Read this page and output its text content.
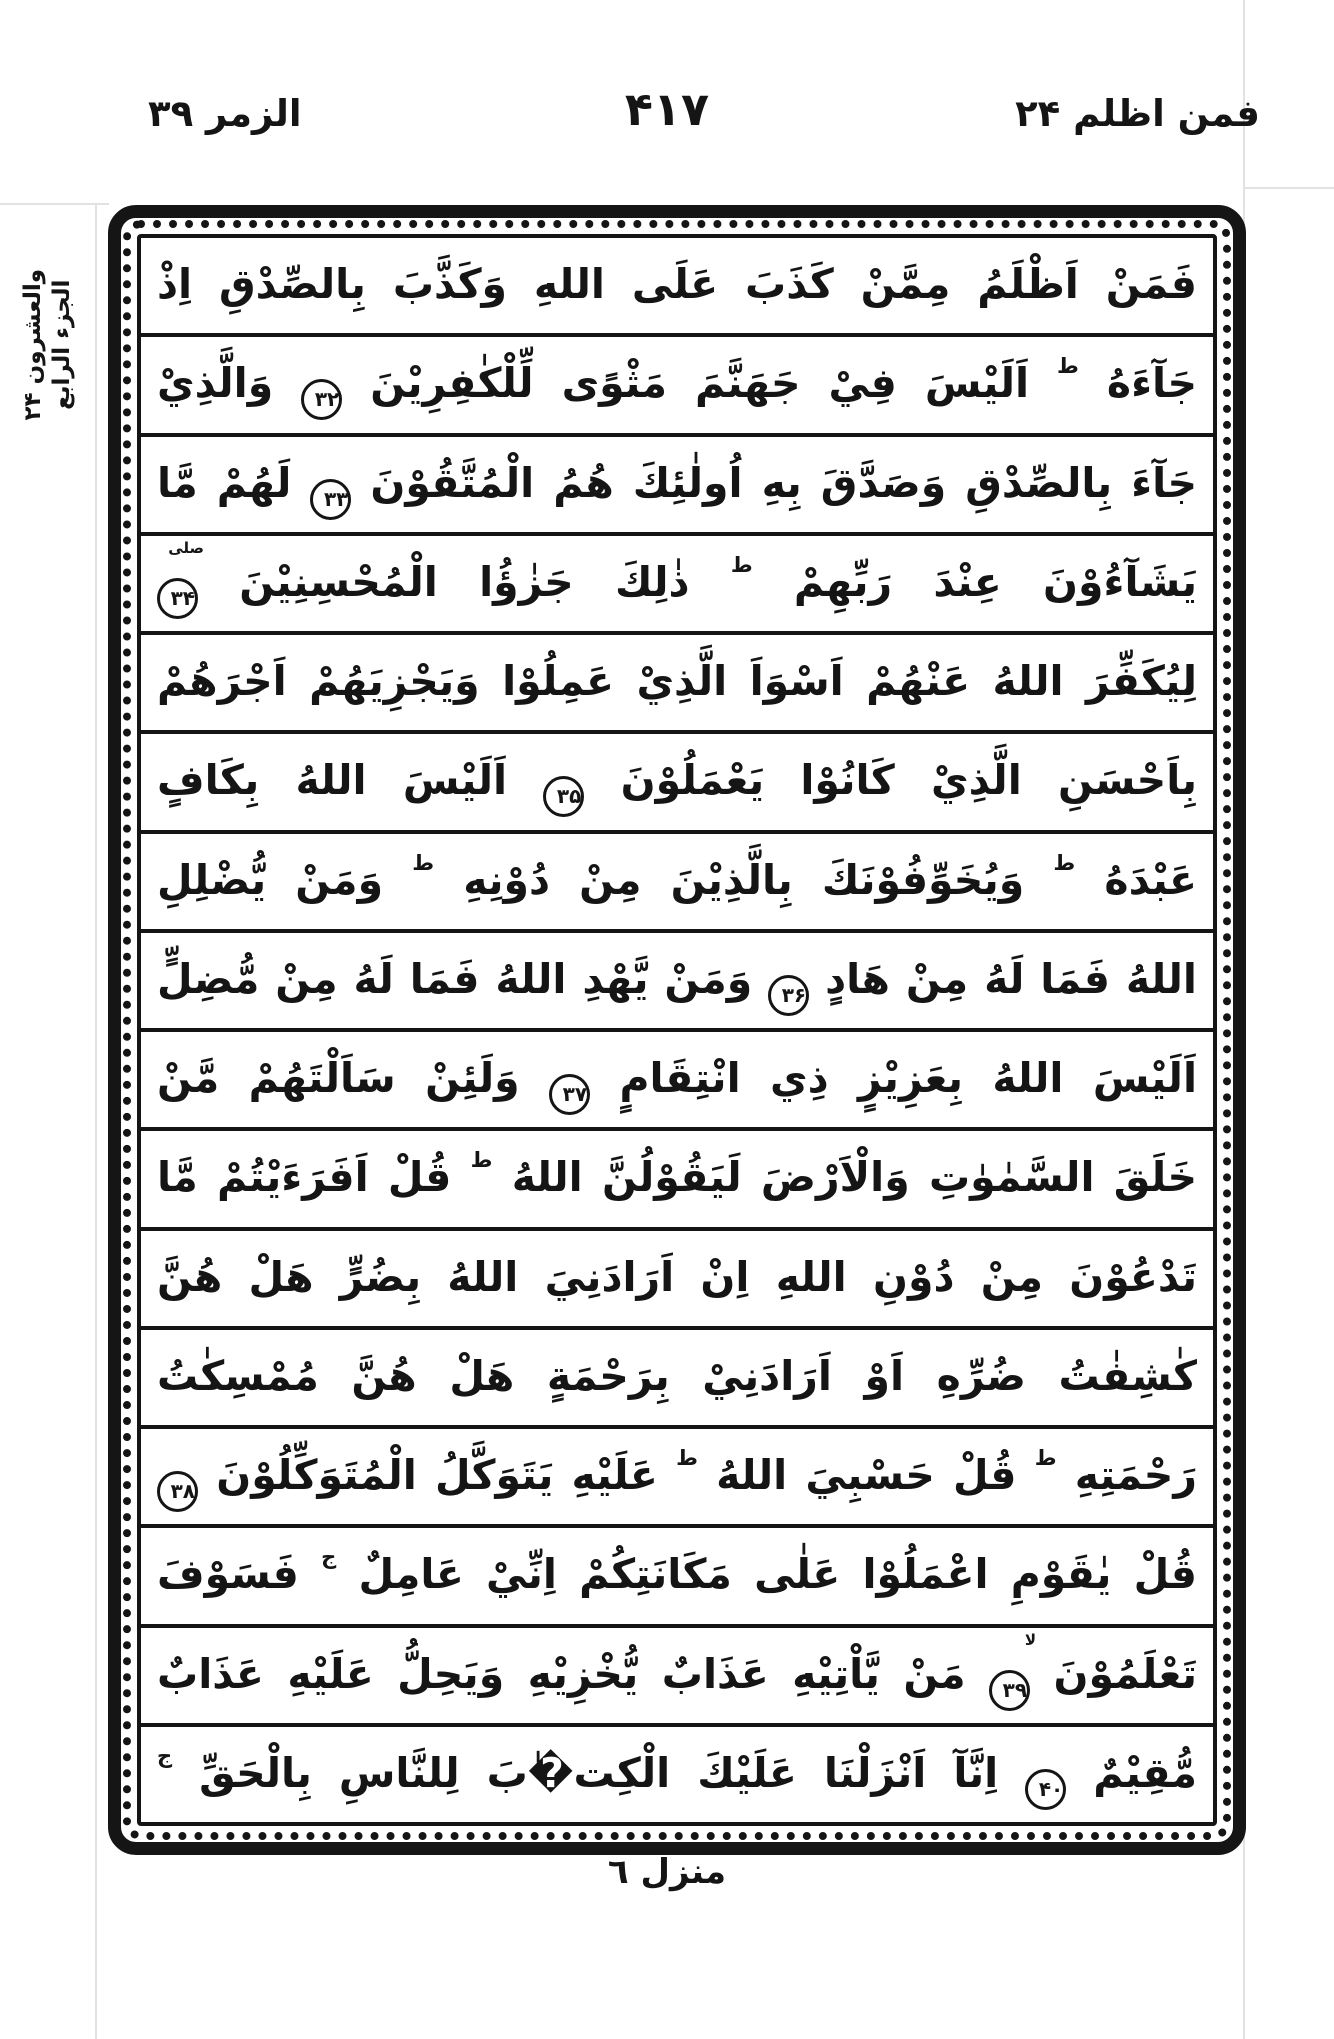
الزمر ۳۹	۴۱۷	فمن اظلم ۲۴
الجزء الرابع
والعشرون ۲۴	فَمَنْ اَظْلَمُ مِمَّنْ كَذَبَ عَلَى اللهِ وَكَذَّبَ بِالصِّدْقِ اِذْ
جَآءَهُ ط اَلَيْسَ فِيْ جَهَنَّمَ مَثْوًى لِّلْكٰفِرِيْنَ ۳۲ وَالَّذِيْ
جَآءَ بِالصِّدْقِ وَصَدَّقَ بِهِ اُولٰئِكَ هُمُ الْمُتَّقُوْنَ ۳۳ لَهُمْ مَّا
يَشَآءُوْنَ عِنْدَ رَبِّهِمْ ط ذٰلِكَ جَزٰؤُا الْمُحْسِنِيْنَ
صلى
۳۴
لِيُكَفِّرَ اللهُ عَنْهُمْ اَسْوَاَ الَّذِيْ عَمِلُوْا وَيَجْزِيَهُمْ اَجْرَهُمْ
بِاَحْسَنِ الَّذِيْ كَانُوْا يَعْمَلُوْنَ ۳۵ اَلَيْسَ اللهُ بِكَافٍ
عَبْدَهُ ط وَيُخَوِّفُوْنَكَ بِالَّذِيْنَ مِنْ دُوْنِهِ ط وَمَنْ يُّضْلِلِ
اللهُ فَمَا لَهُ مِنْ هَادٍ ۳۶ وَمَنْ يَّهْدِ اللهُ فَمَا لَهُ مِنْ مُّضِلٍّ
اَلَيْسَ اللهُ بِعَزِيْزٍ ذِي انْتِقَامٍ ۳۷ وَلَئِنْ سَاَلْتَهُمْ مَّنْ
خَلَقَ السَّمٰوٰتِ وَالْاَرْضَ لَيَقُوْلُنَّ اللهُ ط قُلْ اَفَرَءَيْتُمْ مَّا
تَدْعُوْنَ مِنْ دُوْنِ اللهِ اِنْ اَرَادَنِيَ اللهُ بِضُرٍّ هَلْ هُنَّ
كٰشِفٰتُ ضُرِّهِ اَوْ اَرَادَنِيْ بِرَحْمَةٍ هَلْ هُنَّ مُمْسِكٰتُ
رَحْمَتِهِ ط قُلْ حَسْبِيَ اللهُ ط عَلَيْهِ يَتَوَكَّلُ الْمُتَوَكِّلُوْنَ ۳۸
قُلْ يٰقَوْمِ اعْمَلُوْا عَلٰى مَكَانَتِكُمْ اِنِّيْ عَامِلٌ ج فَسَوْفَ
تَعْلَمُوْنَ
لا
۳۹ مَنْ يَّاْتِيْهِ عَذَابٌ يُّخْزِيْهِ وَيَحِلُّ عَلَيْهِ عَذَابٌ
مُّقِيْمٌ ۴۰ اِنَّآ اَنْزَلْنَا عَلَيْكَ الْكِت�ٰبَ لِلنَّاسِ بِالْحَقِّ ج
منزل ٦
